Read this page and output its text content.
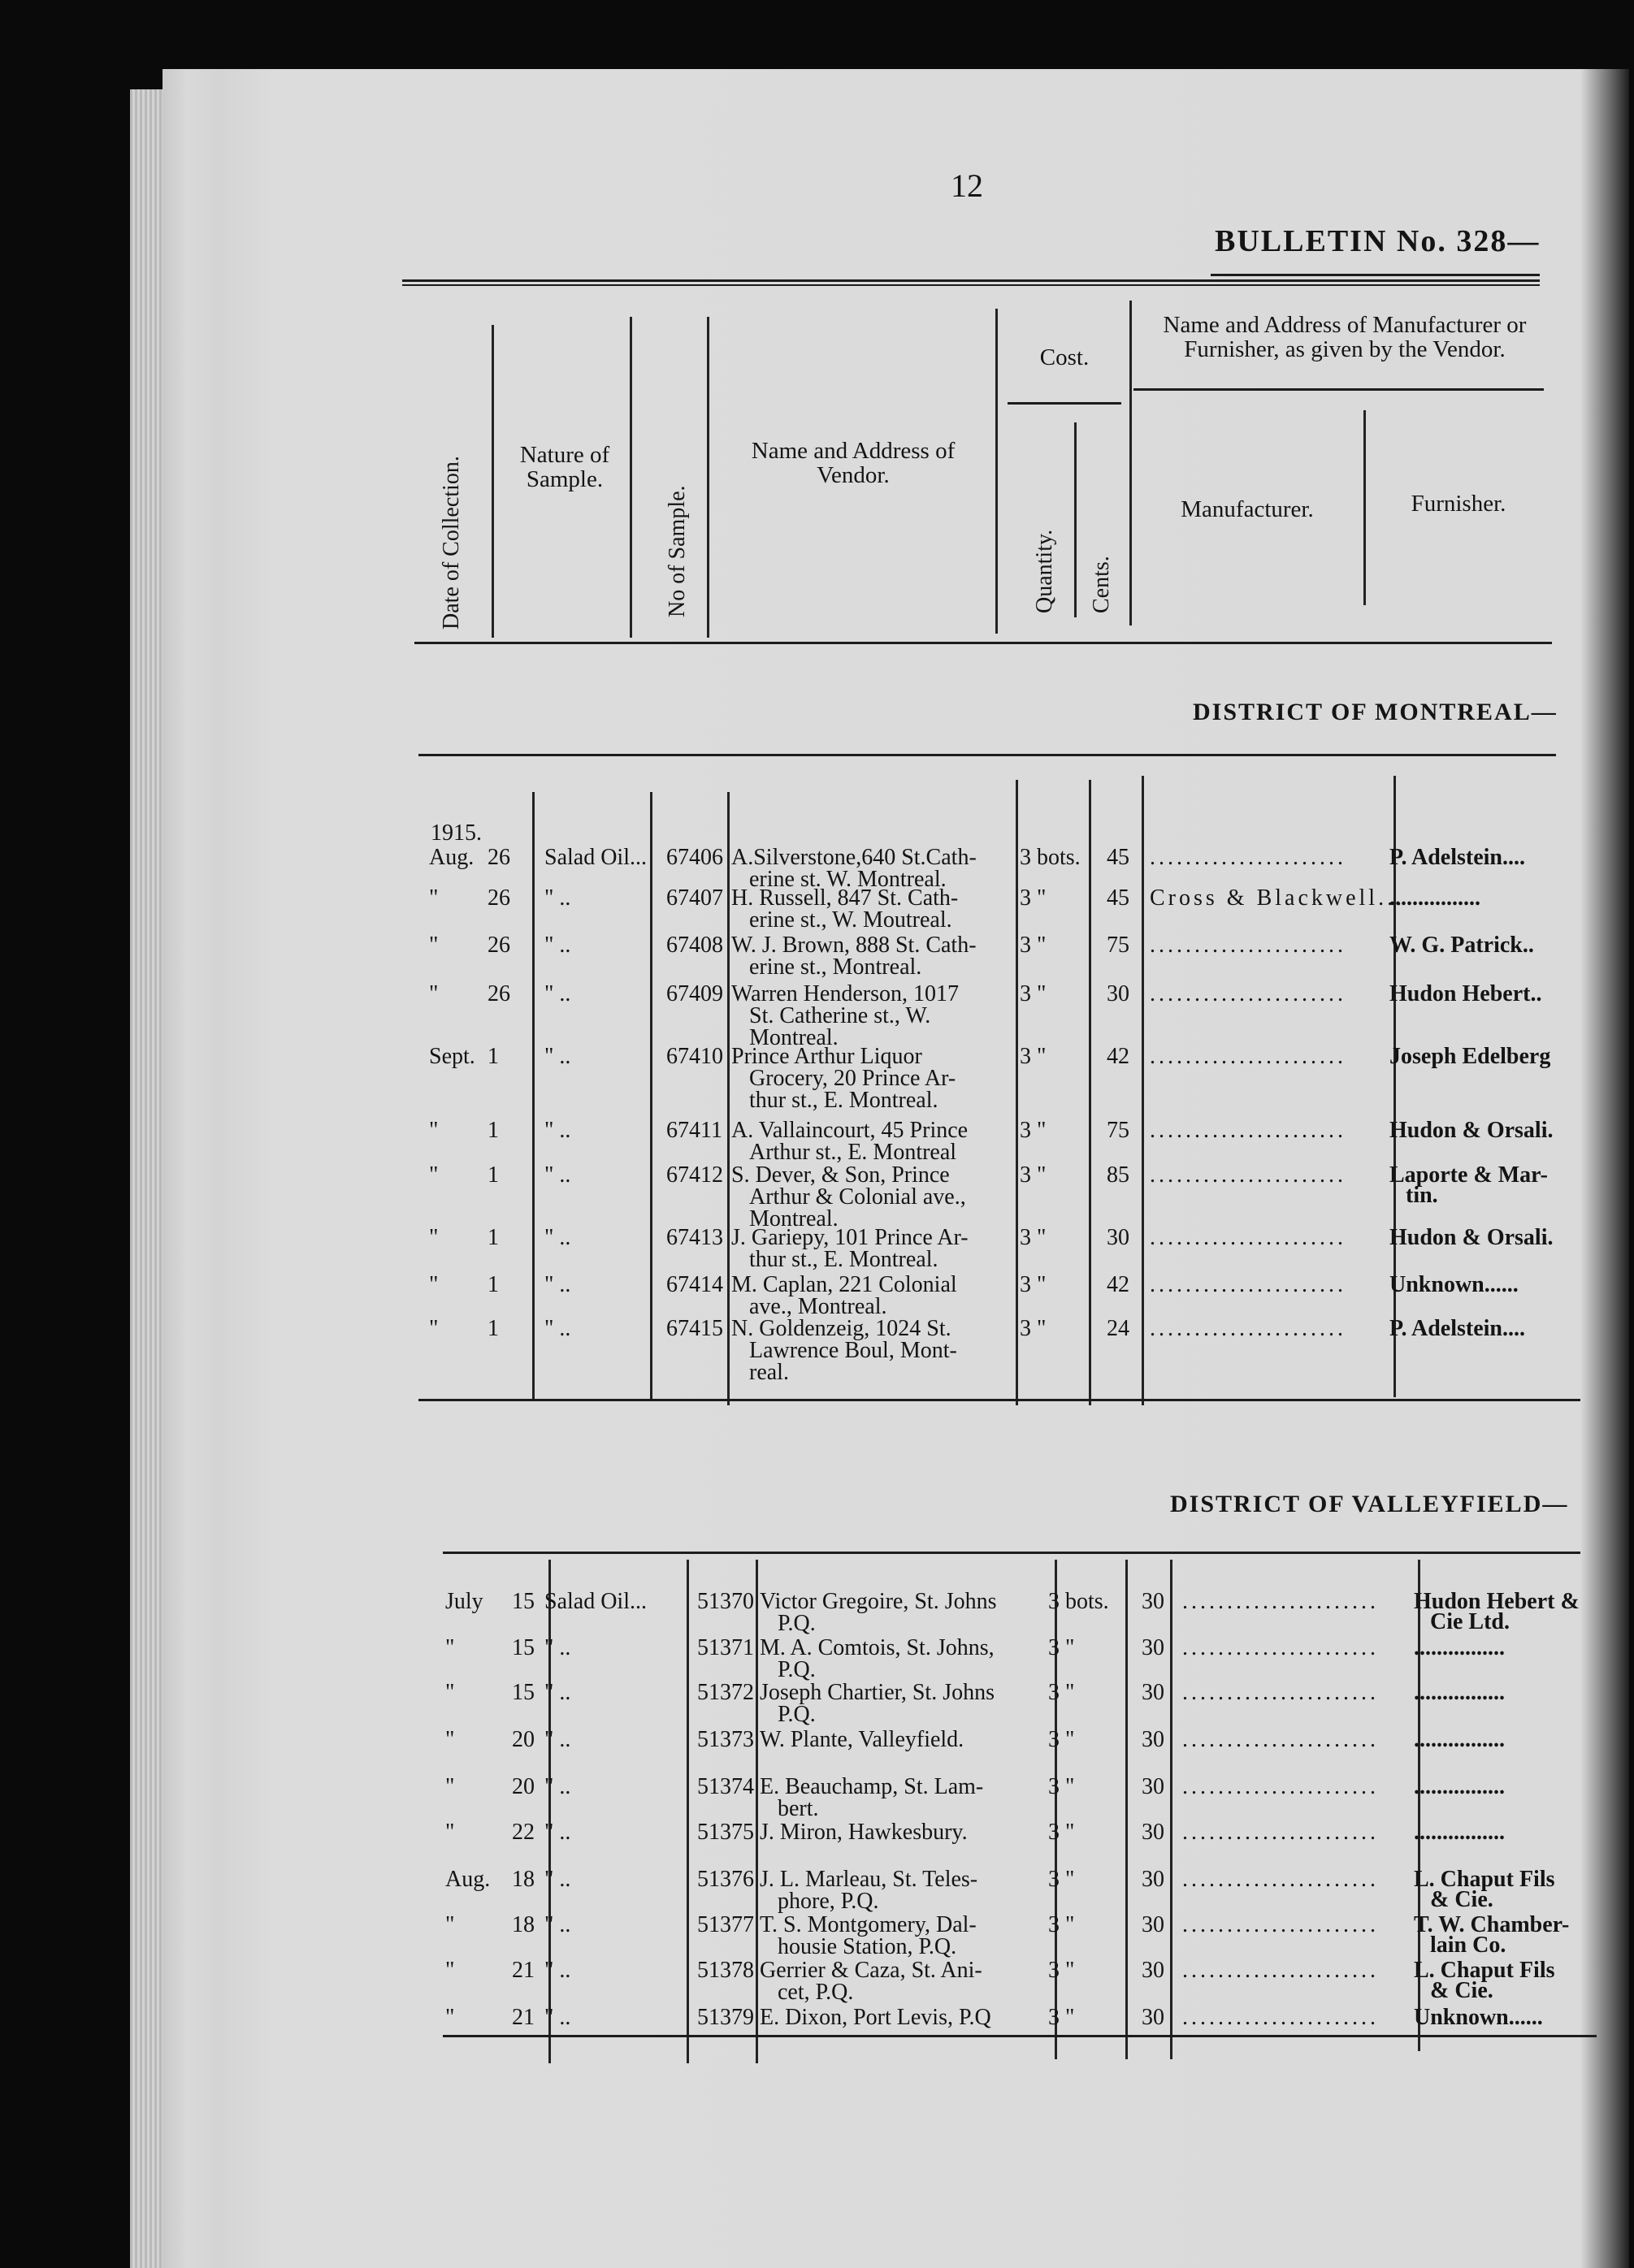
12
BULLETIN No. 328—
Date of Collection.
Nature of Sample.
No of Sample.
Name and Address of Vendor.
Cost.
Quantity. Cents.
Name and Address of Manufacturer or Furnisher, as given by the Vendor.
Manufacturer.	Furnisher.
DISTRICT OF MONTREAL—
1915.
Aug. 26 Salad Oil... 67406 A.Silverstone,640 St.Cath-
erine st. W. Montreal.
3 bots. 45 ...................... P. Adelstein....
" 26 " ..	67407 H. Russell, 847 St. Cath-
erine st., W. Moutreal.
3 "	45 Cross & Blackwell...
................
" 26 " ..	67408 W. J. Brown, 888 St. Cath-
erine st., Montreal.
3 "	75 ...................... W. G. Patrick..
" 26 " ..	67409 Warren Henderson, 1017
St. Catherine st., W.
Montreal.
3 "	30 ...................... Hudon Hebert..
Sept. 1 " ..	67410 Prince Arthur Liquor
Grocery, 20 Prince Ar-
thur st., E. Montreal.
3 "	42 ...................... Joseph Edelberg
" 1 " ..	67411 A. Vallaincourt, 45 Prince
Arthur st., E. Montreal
3 "	75 ...................... Hudon & Orsali.
" 1 " ..	67412 S. Dever, & Son, Prince
Arthur & Colonial ave.,
Montreal.
3 "	85 ...................... Laporte & Mar-
tin.
" 1 " ..	67413 J. Gariepy, 101 Prince Ar-
thur st., E. Montreal.
3 "	30 ...................... Hudon & Orsali.
" 1 " ..	67414 M. Caplan, 221 Colonial
ave., Montreal.
3 "	42 ...................... Unknown......
" 1 " ..	67415 N. Goldenzeig, 1024 St.
Lawrence Boul, Mont-
real.
3 "	24 ...................... P. Adelstein....
DISTRICT OF VALLEYFIELD—
July 15 Salad Oil... 51370 Victor Gregoire, St. Johns
P.Q.
3 bots. 30 ...................... Hudon Hebert &
Cie Ltd.
"	15 " ..	51371 M. A. Comtois, St. Johns,
P.Q.
3 "	30 ...................... ................
"	15 " ..	51372 Joseph Chartier, St. Johns
P.Q.
3 "	30 ...................... ................
"	20 " ..	51373 W. Plante, Valleyfield.	3 "	30 ...................... ................
"	20 " ..	51374 E. Beauchamp, St. Lam-
bert.
3 "	30 ...................... ................
"	22 " ..	51375 J. Miron, Hawkesbury.	3 "	30 ...................... ................
Aug. 18 " ..	51376 J. L. Marleau, St. Teles-
phore, P.Q.
3 "	30 ...................... L. Chaput Fils
& Cie.
"	18 " ..	51377 T. S. Montgomery, Dal-
housie Station, P.Q.
3 "	30 ...................... T. W. Chamber-
lain Co.
"	21 " ..	51378 Gerrier & Caza, St. Ani-
cet, P.Q.
3 "	30 ...................... L. Chaput Fils
& Cie.
"	21 " ..	51379 E. Dixon, Port Levis, P.Q	3 "	30 ...................... Unknown......
